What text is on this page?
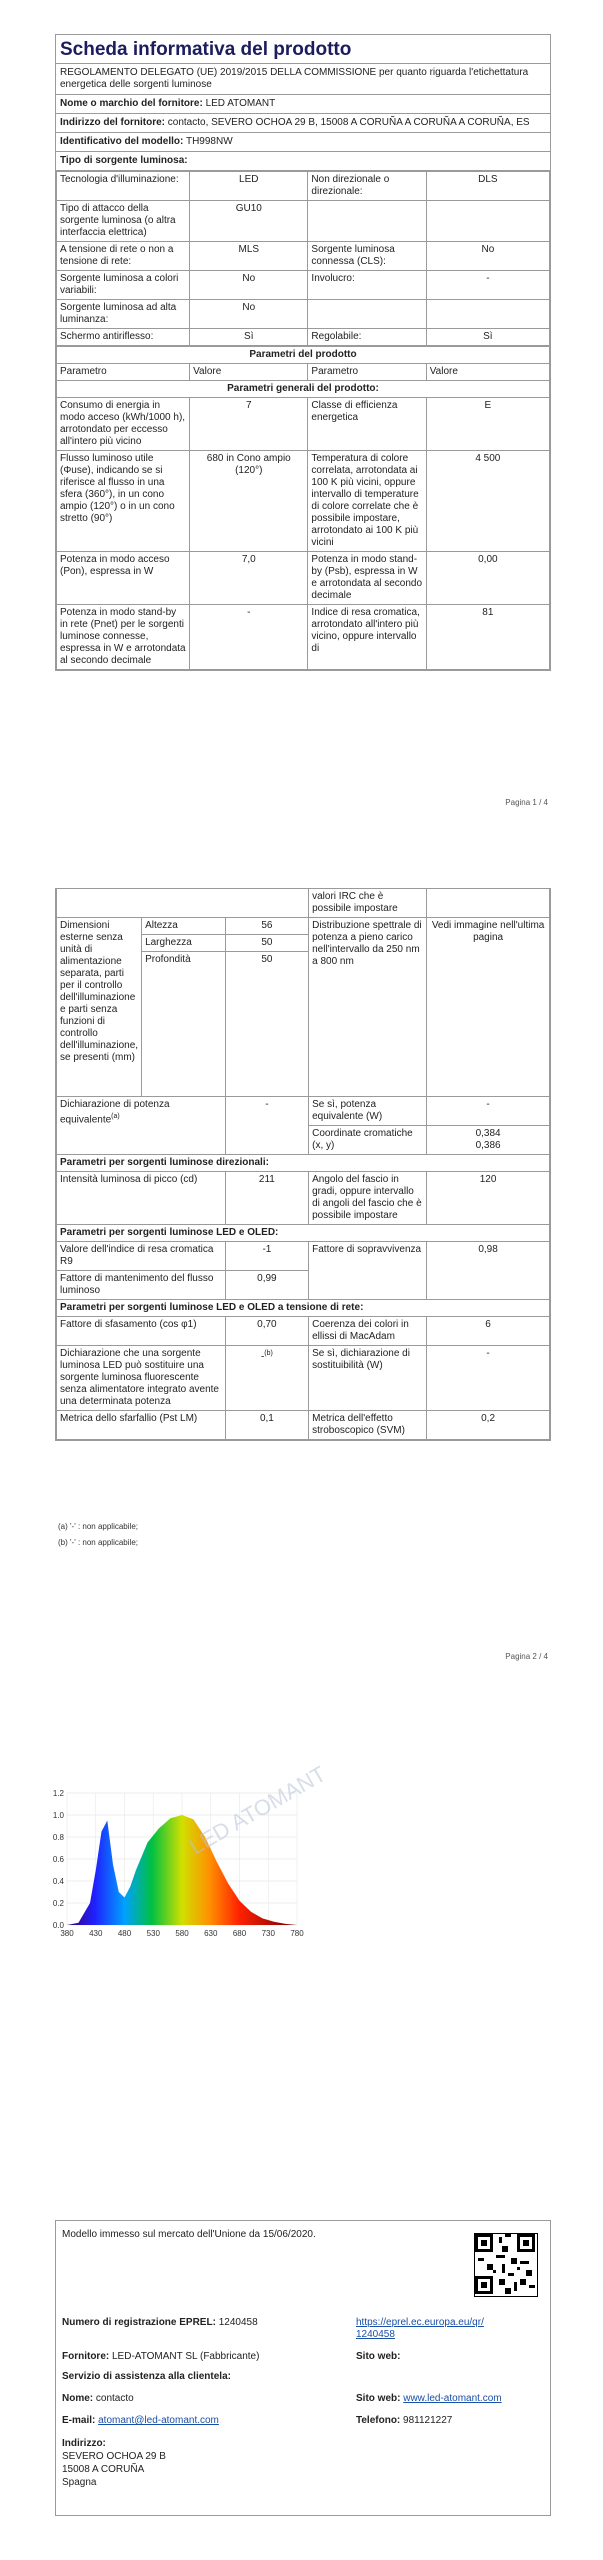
Scheda informativa del prodotto
REGOLAMENTO DELEGATO (UE) 2019/2015 DELLA COMMISSIONE per quanto riguarda l'etichettatura energetica delle sorgenti luminose
Nome o marchio del fornitore: LED ATOMANT
Indirizzo del fornitore: contacto, SEVERO OCHOA 29 B, 15008 A CORUÑA A CORUÑA A CORUÑA, ES
Identificativo del modello: TH998NW
Tipo di sorgente luminosa:
Tecnologia d'illuminazione:	LED	Non direzionale o direzionale:	DLS
Tipo di attacco della sorgente luminosa (o altra interfaccia elettrica)	GU10		
A tensione di rete o non a tensione di rete:	MLS	Sorgente luminosa connessa (CLS):	No
Sorgente luminosa a colori variabili:	No	Involucro:	-
Sorgente luminosa ad alta luminanza:	No		
Schermo antiriflesso:	Sì	Regolabile:	Sì
Parametri del prodotto			
Parametro	Valore	Parametro	Valore
Parametri generali del prodotto:			
Consumo di energia in modo acceso (kWh/1000 h), arrotondato per eccesso all'intero più vicino	7	Classe di efficienza energetica	E
Flusso luminoso utile (Φuse), indicando se si riferisce al flusso in una sfera (360°), in un cono ampio (120°) o in un cono stretto (90°)	680 in Cono ampio (120°)	Temperatura di colore correlata, arrotondata ai 100 K più vicini, oppure intervallo di temperature di colore correlate che è possibile impostare, arrotondato ai 100 K più vicini	4 500
Potenza in modo acceso (Pon), espressa in W	7,0	Potenza in modo stand-by (Psb), espressa in W e arrotondata al secondo decimale	0,00
Potenza in modo stand-by in rete (Pnet) per le sorgenti luminose connesse, espressa in W e arrotondata al secondo decimale	-	Indice di resa cromatica, arrotondato all'intero più vicino, oppure intervallo di	81
Pagina 1 / 4
			valori IRC che è possibile impostare	
Dimensioni esterne senza unità di alimentazione separata, parti per il controllo dell'illuminazione e parti senza funzioni di controllo dell'illuminazione, se presenti (mm)	Altezza	56	Distribuzione spettrale di potenza a pieno carico nell'intervallo da 250 nm a 800 nm	Vedi immagine nell'ultima pagina
	Larghezza	50		
	Profondità	50		
Dichiarazione di potenza equivalente$^{(a)}$		-	Se sì, potenza equivalente (W)	-
			Coordinate cromatiche (x, y)	0,384
0,386

Parametri per sorgenti luminose direzionali:				
Intensità luminosa di picco (cd)		211	Angolo del fascio in gradi, oppure intervallo di angoli del fascio che è possibile impostare	120
Parametri per sorgenti luminose LED e OLED:				
Valore dell'indice di resa cromatica R9		-1	Fattore di sopravvivenza	0,98
Fattore di mantenimento del flusso luminoso		0,99		
Parametri per sorgenti luminose LED e OLED a tensione di rete:				
Fattore di sfasamento (cos φ1)		0,70	Coerenza dei colori in ellissi di MacAdam	6
Dichiarazione che una sorgente luminosa LED può sostituire una sorgente luminosa fluorescente senza alimentatore integrato avente una determinata potenza		-$^{(b)}$	Se sì, dichiarazione di sostituibilità (W)	-
Metrica dello sfarfallio (Pst LM)		0,1	Metrica dell'effetto stroboscopico (SVM)	0,2
(a) '-' : non applicabile;
(b) '-' : non applicabile;
Pagina 2 / 4
380 430 480 530 580 630 680 730 780
0.0
0.2
0.4
0.6
0.8
1.0
1.2	LED ATOMANT
Modello immesso sul mercato dell'Unione da 15/06/2020.
Numero di registrazione EPREL: 1240458	https://eprel.ec.europa.eu/qr/1240458
Fornitore: LED-ATOMANT SL (Fabbricante)	Sito web:
Servizio di assistenza alla clientela:
Nome: contacto	Sito web: www.led-atomant.com
E-mail: atomant@led-atomant.com	Telefono: 981121227
Indirizzo:
SEVERO OCHOA 29 B
15008 A CORUÑA
Spagna
